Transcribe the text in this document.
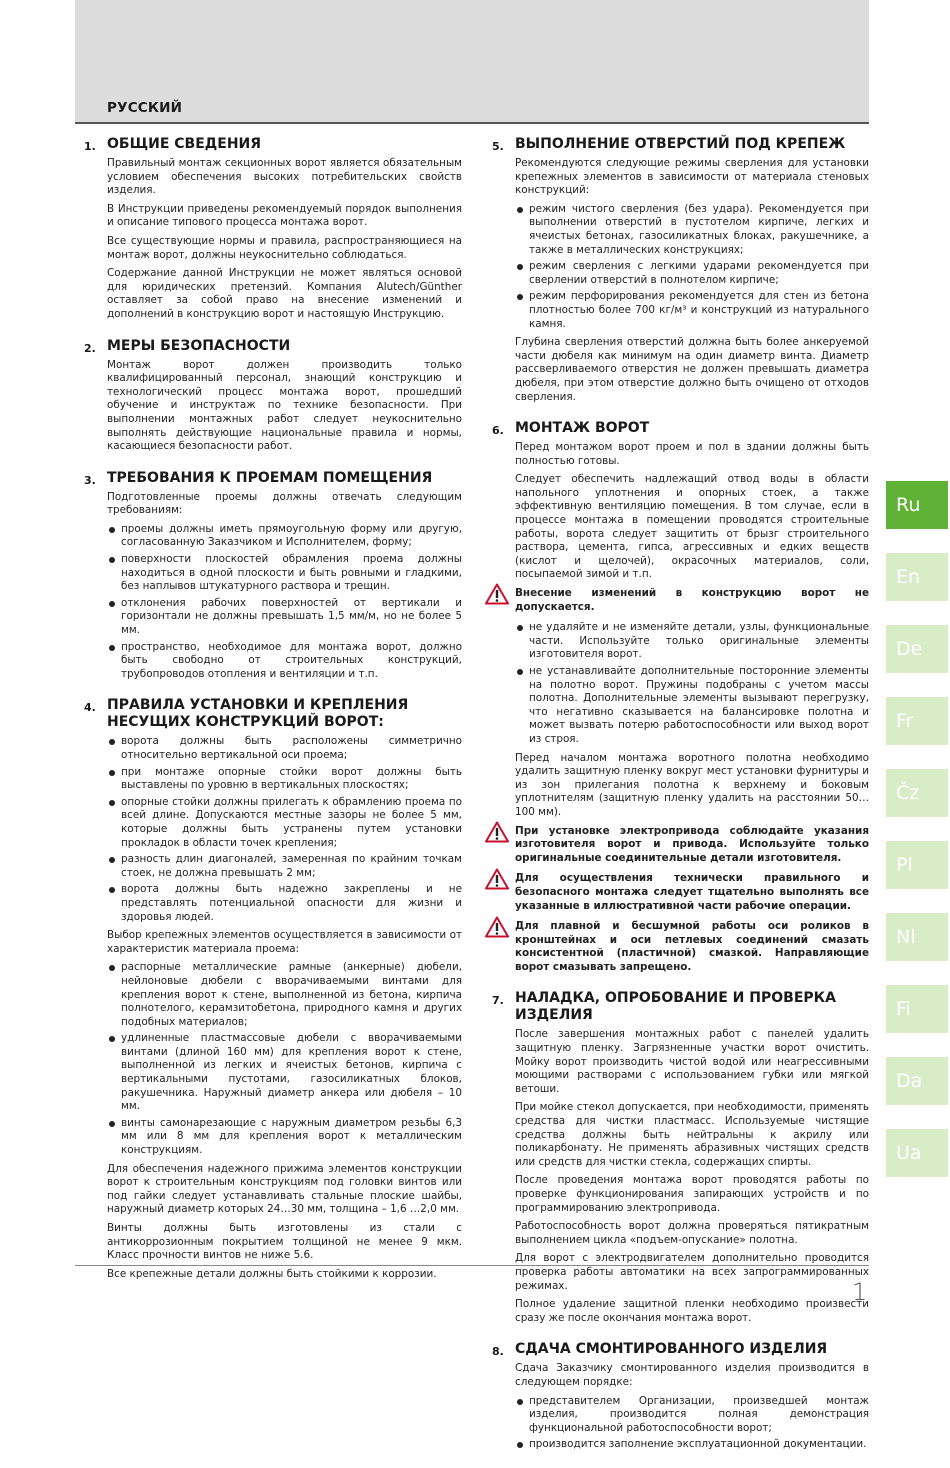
РУССКИЙ
1. ОБЩИЕ СВЕДЕНИЯ

Правильный монтаж секционных ворот является обязательным условием обеспечения высоких потребительских свойств изделия.

В Инструкции приведены рекомендуемый порядок выполнения и описание типового процесса монтажа ворот.

Все существующие нормы и правила, распространяющиеся на монтаж ворот, должны неукоснительно соблюдаться.

Содержание данной Инструкции не может являться основой для юридических претензий. Компания Alutech/Günther оставляет за собой право на внесение изменений и дополнений в конструкцию ворот и настоящую Инструкцию.

2. МЕРЫ БЕЗОПАСНОСТИ

Монтаж ворот должен производить только квалифицированный персонал, знающий конструкцию и технологический процесс монтажа ворот, прошедший обучение и инструктаж по технике безопасности. При выполнении монтажных работ следует неукоснительно выполнять действующие национальные правила и нормы, касающиеся безопасности работ.

3. ТРЕБОВАНИЯ К ПРОЕМАМ ПОМЕЩЕНИЯ

Подготовленные проемы должны отвечать следующим требованиям:

проемы должны иметь прямоугольную форму или другую, согласованную Заказчиком и Исполнителем, форму;
поверхности плоскостей обрамления проема должны находиться в одной плоскости и быть ровными и гладкими, без наплывов штукатурного раствора и трещин.
отклонения рабочих поверхностей от вертикали и горизонтали не должны превышать 1,5 мм/м, но не более 5 мм.
пространство, необходимое для монтажа ворот, должно быть свободно от строительных конструкций, трубопроводов отопления и вентиляции и т.п.
4. ПРАВИЛА УСТАНОВКИ И КРЕПЛЕНИЯ
НЕСУЩИХ КОНСТРУКЦИЙ ВОРОТ:
ворота должны быть расположены симметрично относительно вертикальной оси проема;
при монтаже опорные стойки ворот должны быть выставлены по уровню в вертикальных плоскостях;
опорные стойки должны прилегать к обрамлению проема по всей длине. Допускаются местные зазоры не более 5 мм, которые должны быть устранены путем установки прокладок в области точек крепления;
разность длин диагоналей, замеренная по крайним точкам стоек, не должна превышать 2 мм;
ворота должны быть надежно закреплены и не представлять потенциальной опасности для жизни и здоровья людей.

Выбор крепежных элементов осуществляется в зависимости от характеристик материала проема:

распорные металлические рамные (анкерные) дюбели, нейлоновые дюбели с вворачиваемыми винтами для крепления ворот к стене, выполненной из бетона, кирпича полнотелого, керамзитобетона, природного камня и других подобных материалов;
удлиненные пластмассовые дюбели с вворачиваемыми винтами (длиной 160 мм) для крепления ворот к стене, выполненной из легких и ячеистых бетонов, кирпича с вертикальными пустотами, газосиликатных блоков, ракушечника. Наружный диаметр анкера или дюбеля – 10 мм.
винты самонарезающие с наружным диаметром резьбы 6,3 мм или 8 мм для крепления ворот к металлическим конструкциям.

Для обеспечения надежного прижима элементов конструкции ворот к строительным конструкциям под головки винтов или под гайки следует устанавливать стальные плоские шайбы, наружный диаметр которых 24…30 мм, толщина – 1,6 …2,0 мм.

Винты должны быть изготовлены из стали с антикоррозионным покрытием толщиной не менее 9 мкм. Класс прочности винтов не ниже 5.6.

Все крепежные детали должны быть стойкими к коррозии.

5. ВЫПОЛНЕНИЕ ОТВЕРСТИЙ ПОД КРЕПЕЖ

Рекомендуются следующие режимы сверления для установки крепежных элементов в зависимости от материала стеновых конструкций:

режим чистого сверления (без удара). Рекомендуется при выполнении отверстий в пустотелом кирпиче, легких и ячеистых бетонах, газосиликатных блоках, ракушечнике, а также в металлических конструкциях;
режим сверления с легкими ударами рекомендуется при сверлении отверстий в полнотелом кирпиче;
режим перфорирования рекомендуется для стен из бетона плотностью более 700 кг/м³ и конструкций из натурального камня.

Глубина сверления отверстий должна быть более анкеруемой части дюбеля как минимум на один диаметр винта. Диаметр рассверливаемого отверстия не должен превышать диаметра дюбеля, при этом отверстие должно быть очищено от отходов сверления.

6. МОНТАЖ ВОРОТ

Перед монтажом ворот проем и пол в здании должны быть полностью готовы.

Следует обеспечить надлежащий отвод воды в области напольного уплотнения и опорных стоек, а также эффективную вентиляцию помещения. В том случае, если в процессе монтажа в помещении проводятся строительные работы, ворота следует защитить от брызг строительного раствора, цемента, гипса, агрессивных и едких веществ (кислот и щелочей), окрасочных материалов, соли, посыпаемой зимой и т.п.

Внесение изменений в конструкцию ворот не допускается.
не удаляйте и не изменяйте детали, узлы, функциональные части. Используйте только оригинальные элементы изготовителя ворот.
не устанавливайте дополнительные посторонние элементы на полотно ворот. Пружины подобраны с учетом массы полотна. Дополнительные элементы вызывают перегрузку, что негативно сказывается на балансировке полотна и может вызвать потерю работоспособности или выход ворот из строя.

Перед началом монтажа воротного полотна необходимо удалить защитную пленку вокруг мест установки фурнитуры и из зон прилегания полотна к верхнему и боковым уплотнителям (защитную пленку удалить на расстоянии 50…100 мм).

При установке электропривода соблюдайте указания изготовителя ворот и привода. Используйте только оригинальные соединительные детали изготовителя.
Для осуществления технически правильного и безопасного монтажа следует тщательно выполнять все указанные в иллюстративной части рабочие операции.
Для плавной и бесшумной работы оси роликов в кронштейнах и оси петлевых соединений смазать консистентной (пластичной) смазкой. Направляющие ворот смазывать запрещено.
7. НАЛАДКА, ОПРОБОВАНИЕ И ПРОВЕРКА ИЗДЕЛИЯ

После завершения монтажных работ с панелей удалить защитную пленку. Загрязненные участки ворот очистить. Мойку ворот производить чистой водой или неагрессивными моющими растворами с использованием губки или мягкой ветоши.

При мойке стекол допускается, при необходимости, применять средства для чистки пластмасс. Используемые чистящие средства должны быть нейтральны к акрилу или поликарбонату. Не применять абразивных чистящих средств или средств для чистки стекла, содержащих спирты.

После проведения монтажа ворот проводятся работы по проверке функционирования запирающих устройств и по программированию электропривода.

Работоспособность ворот должна проверяться пятикратным выполнением цикла «подъем-опускание» полотна.

Для ворот с электродвигателем дополнительно проводится проверка работы автоматики на всех запрограммированных режимах.

Полное удаление защитной пленки необходимо произвести сразу же после окончания монтажа ворот.

8. СДАЧА СМОНТИРОВАННОГО ИЗДЕЛИЯ

Сдача Заказчику смонтированного изделия производится в следующем порядке:

представителем Организации, произведшей монтаж изделия, производится полная демонстрация функциональной работоспособности ворот;
производится заполнение эксплуатационной документации.
Ru
En
De
Fr
Čz
Pl
Nl
Fi
Da
Ua
1
